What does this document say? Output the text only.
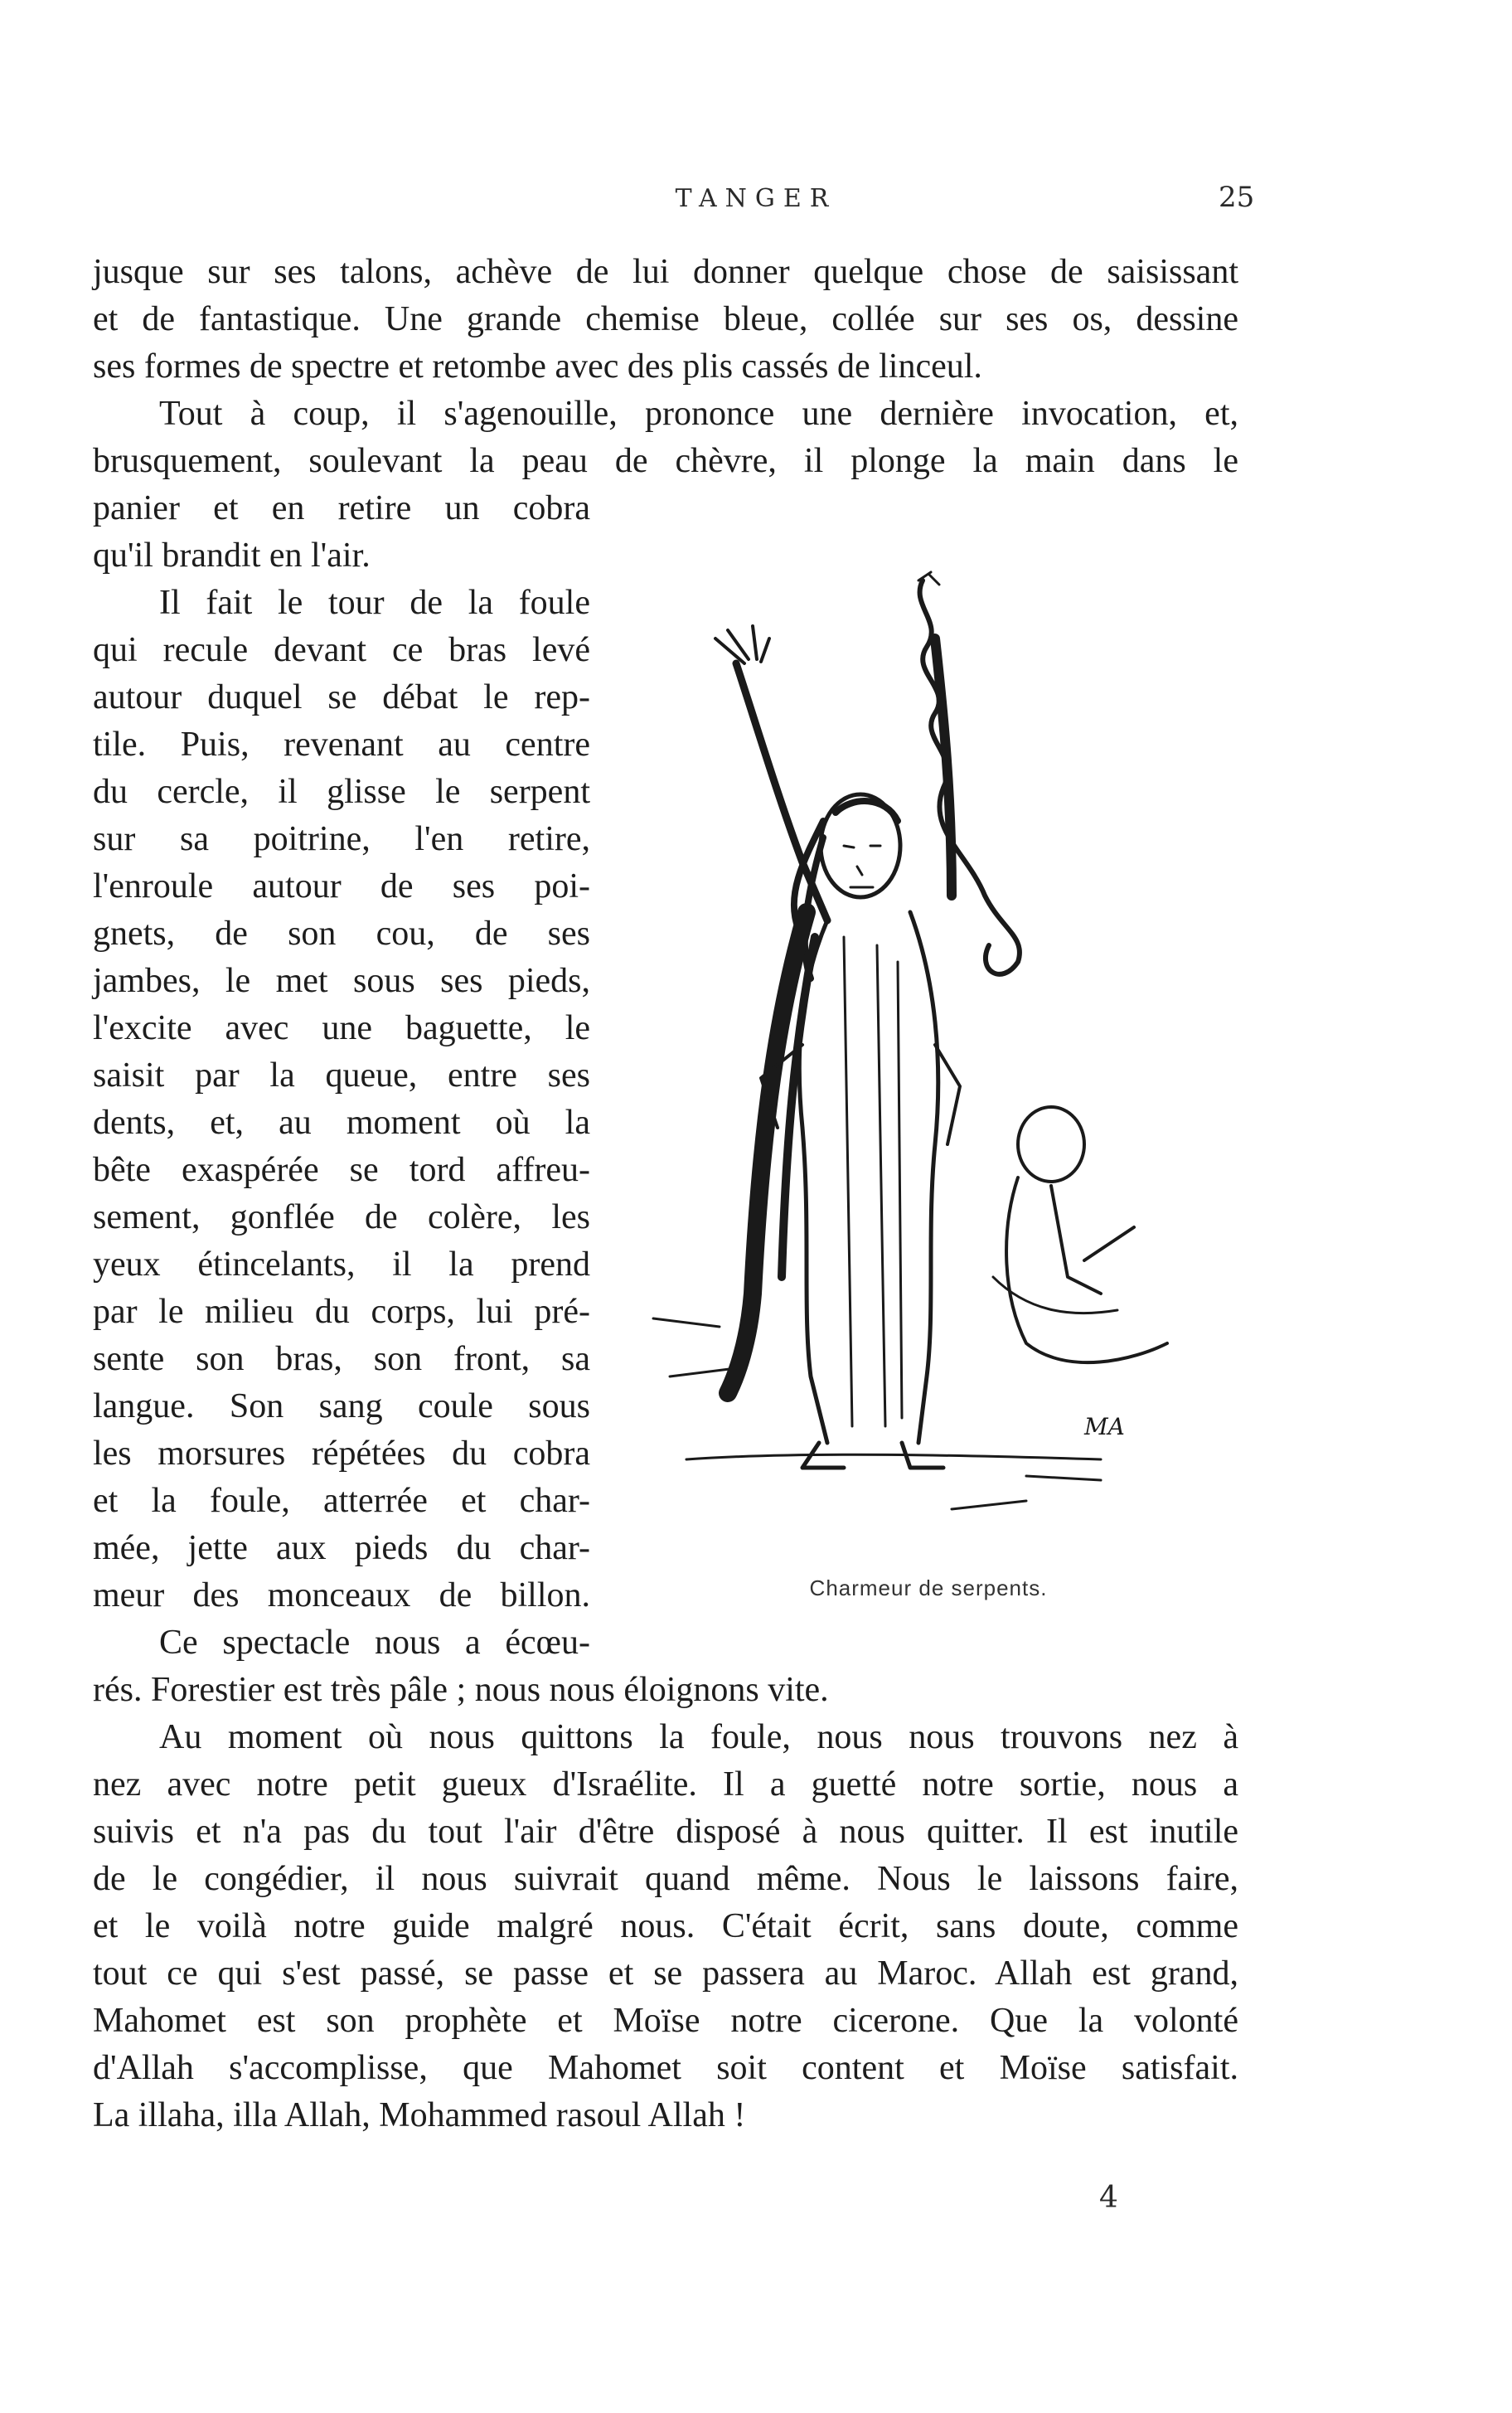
TANGER	25
jusque sur ses talons, achève de lui donner quelque chose de saisissant
et de fantastique. Une grande chemise bleue, collée sur ses os, dessine
ses formes de spectre et retombe avec des plis cassés de linceul.
Tout à coup, il s'agenouille, prononce une dernière invocation, et,
brusquement, soulevant la peau de chèvre, il plonge la main dans le
panier et en retire un cobra
qu'il brandit en l'air.
Il fait le tour de la foule
qui recule devant ce bras levé
autour duquel se débat le rep-
tile. Puis, revenant au centre
du cercle, il glisse le serpent
sur sa poitrine, l'en retire,
l'enroule autour de ses poi-
gnets, de son cou, de ses
jambes, le met sous ses pieds,
l'excite avec une baguette, le
saisit par la queue, entre ses
dents, et, au moment où la
bête exaspérée se tord affreu-
sement, gonflée de colère, les
yeux étincelants, il la prend
par le milieu du corps, lui pré-
sente son bras, son front, sa
langue. Son sang coule sous
les morsures répétées du cobra
et la foule, atterrée et char-
mée, jette aux pieds du char-
meur des monceaux de billon.
Ce spectacle nous a écœu-
MA
Charmeur de serpents.
rés. Forestier est très pâle ; nous nous éloignons vite.
Au moment où nous quittons la foule, nous nous trouvons nez à
nez avec notre petit gueux d'Israélite. Il a guetté notre sortie, nous a
suivis et n'a pas du tout l'air d'être disposé à nous quitter. Il est inutile
de le congédier, il nous suivrait quand même. Nous le laissons faire,
et le voilà notre guide malgré nous. C'était écrit, sans doute, comme
tout ce qui s'est passé, se passe et se passera au Maroc. Allah est grand,
Mahomet est son prophète et Moïse notre cicerone. Que la volonté
d'Allah s'accomplisse, que Mahomet soit content et Moïse satisfait.
La illaha, illa Allah, Mohammed rasoul Allah !
4
